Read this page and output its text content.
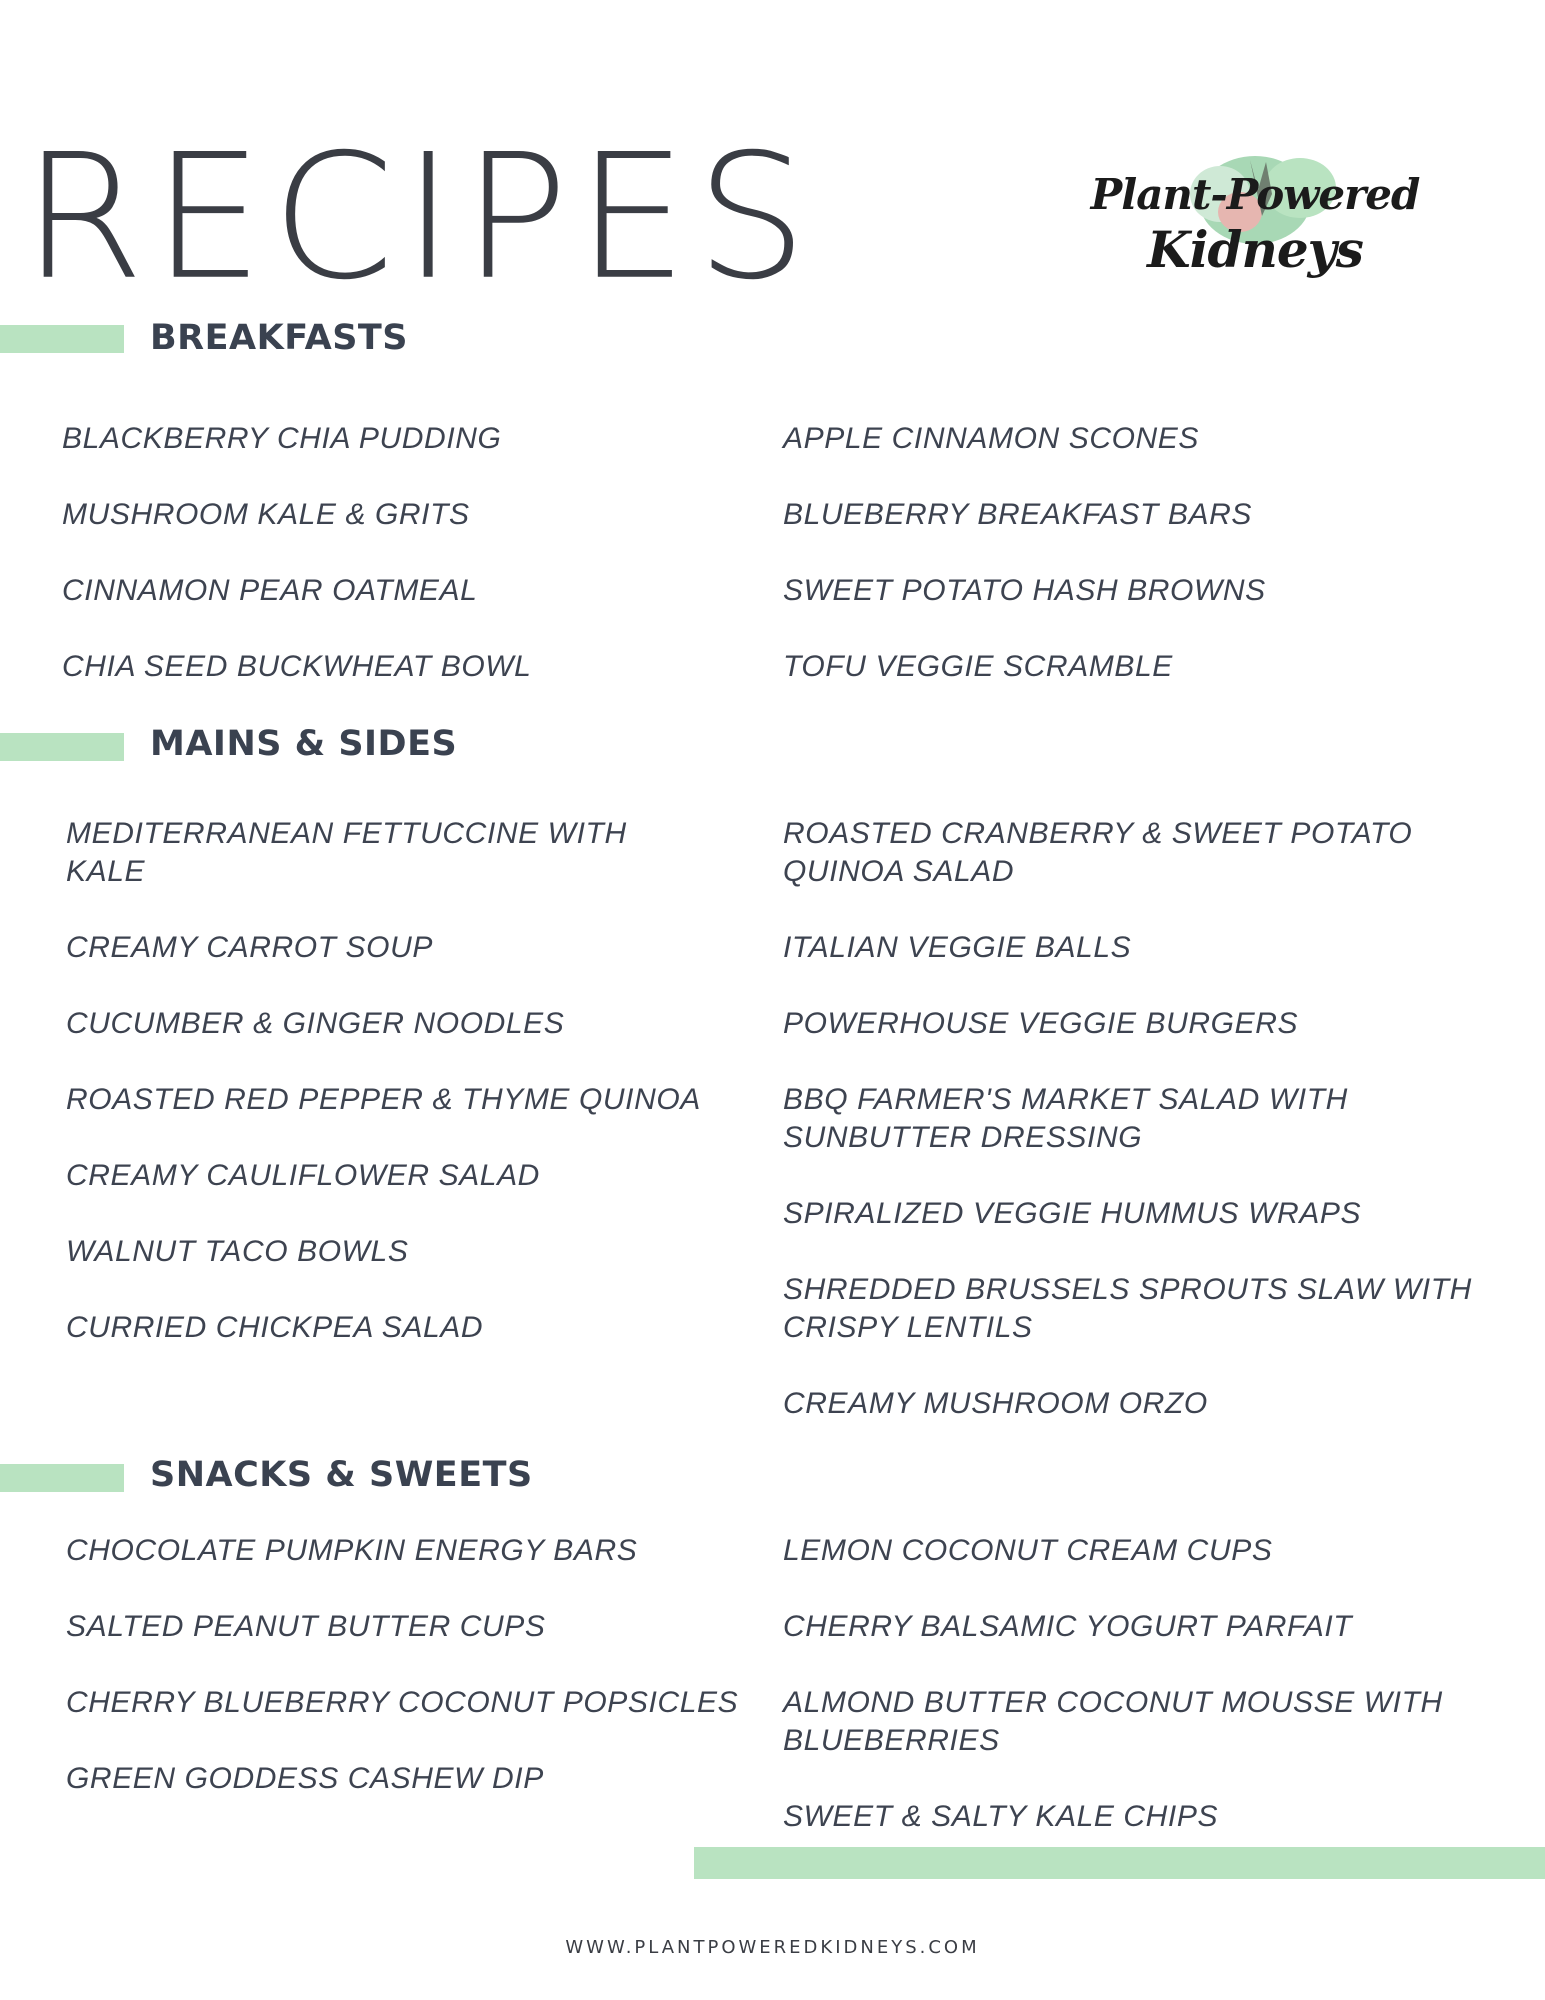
RECIPES	Plant-Powered
Kidneys
BREAKFASTS
BLACKBERRY CHIA PUDDING
MUSHROOM KALE & GRITS
CINNAMON PEAR OATMEAL
CHIA SEED BUCKWHEAT BOWL
APPLE CINNAMON SCONES
BLUEBERRY BREAKFAST BARS
SWEET POTATO HASH BROWNS
TOFU VEGGIE SCRAMBLE
MAINS & SIDES
MEDITERRANEAN FETTUCCINE WITH
KALE
CREAMY CARROT SOUP
CUCUMBER & GINGER NOODLES
ROASTED RED PEPPER & THYME QUINOA
CREAMY CAULIFLOWER SALAD
WALNUT TACO BOWLS
CURRIED CHICKPEA SALAD
ROASTED CRANBERRY & SWEET POTATO
QUINOA SALAD
ITALIAN VEGGIE BALLS
POWERHOUSE VEGGIE BURGERS
BBQ FARMER'S MARKET SALAD WITH
SUNBUTTER DRESSING
SPIRALIZED VEGGIE HUMMUS WRAPS
SHREDDED BRUSSELS SPROUTS SLAW WITH
CRISPY LENTILS
CREAMY MUSHROOM ORZO
SNACKS & SWEETS
CHOCOLATE PUMPKIN ENERGY BARS
SALTED PEANUT BUTTER CUPS
CHERRY BLUEBERRY COCONUT POPSICLES
GREEN GODDESS CASHEW DIP
LEMON COCONUT CREAM CUPS
CHERRY BALSAMIC YOGURT PARFAIT
ALMOND BUTTER COCONUT MOUSSE WITH
BLUEBERRIES
SWEET & SALTY KALE CHIPS
WWW.PLANTPOWEREDKIDNEYS.COM
